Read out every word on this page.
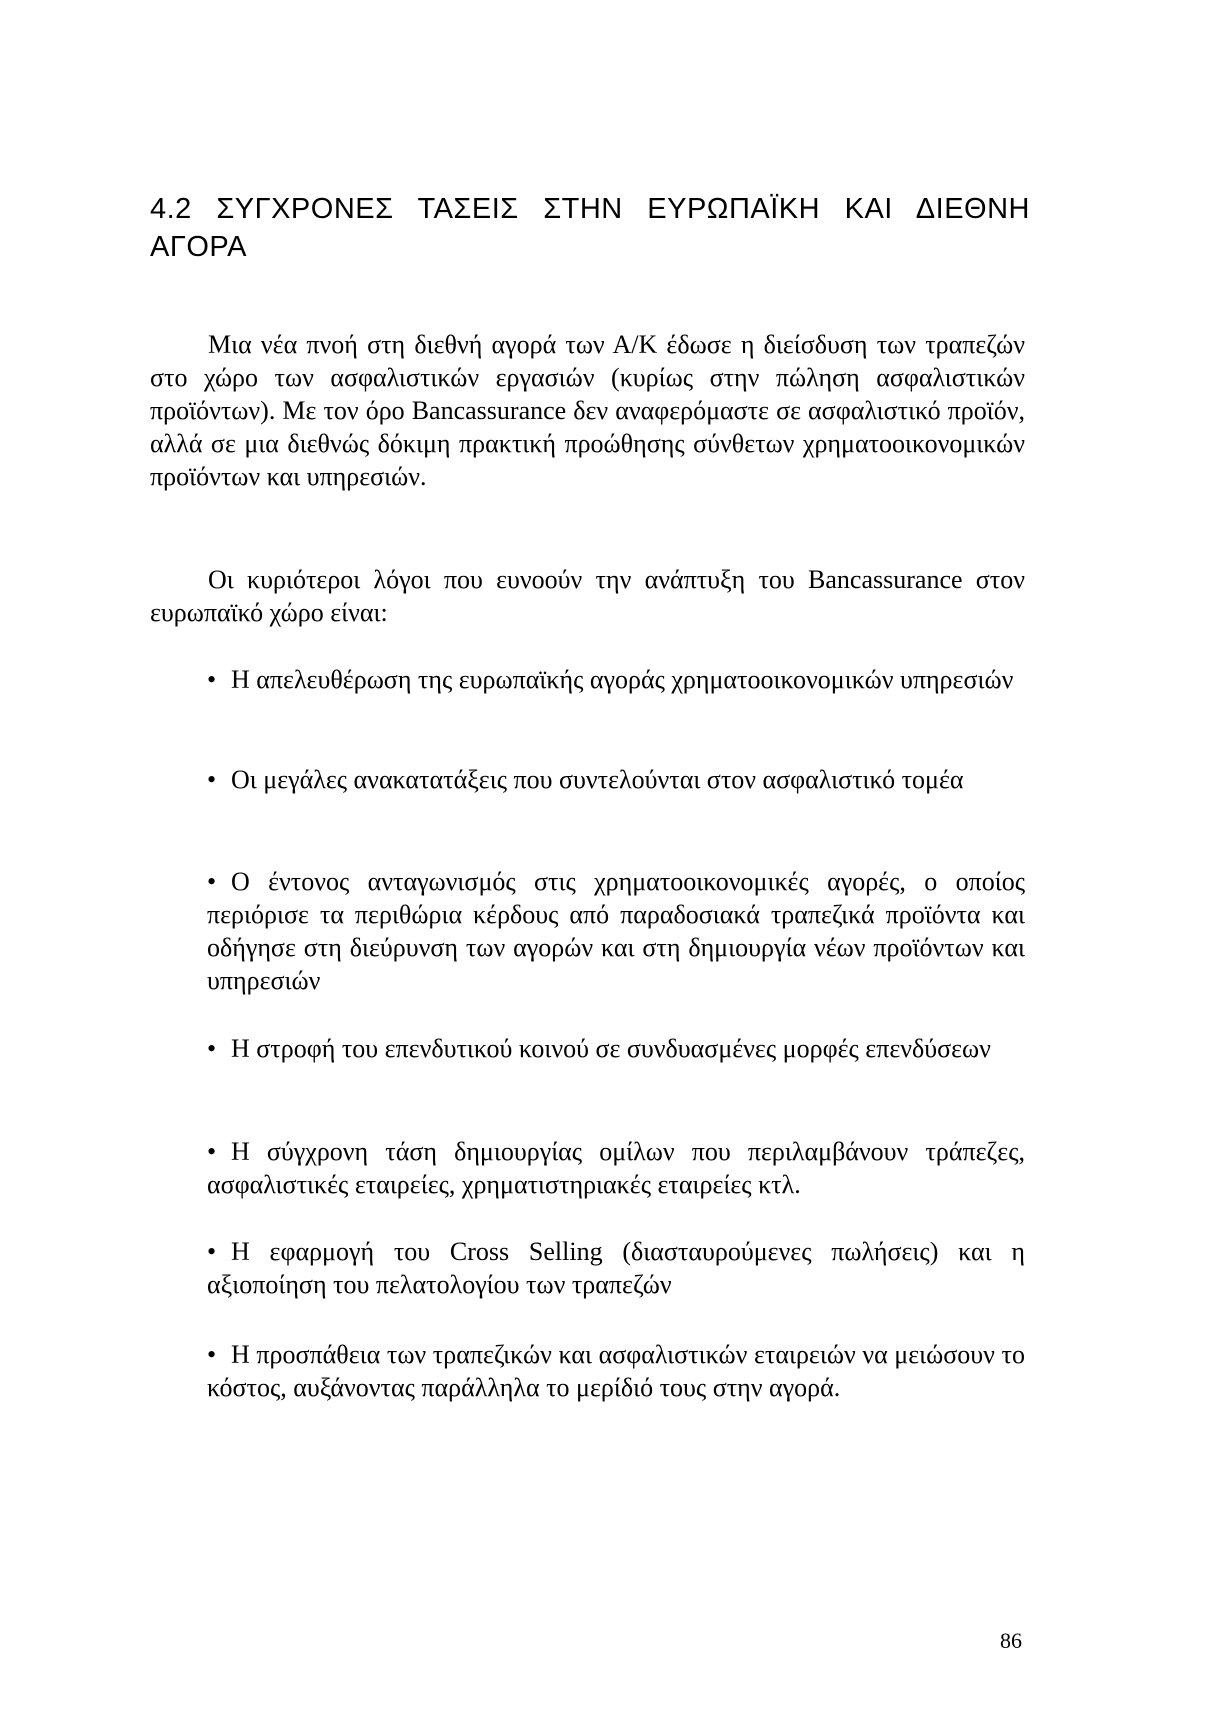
4.2 ΣΥΓΧΡΟΝΕΣ ΤΑΣΕΙΣ ΣΤΗΝ ΕΥΡΩΠΑΪΚΗ ΚΑΙ ΔΙΕΘΝΗ ΑΓΟΡΑ

Μια νέα πνοή στη διεθνή αγορά των Α/Κ έδωσε η διείσδυση των τραπεζών στο χώρο των ασφαλιστικών εργασιών (κυρίως στην πώληση ασφαλιστικών προϊόντων). Με τον όρο Bancassurance δεν αναφερόμαστε σε ασφαλιστικό προϊόν, αλλά σε μια διεθνώς δόκιμη πρακτική προώθησης σύνθετων χρηματοοικονομικών προϊόντων και υπηρεσιών.

Οι κυριότεροι λόγοι που ευνοούν την ανάπτυξη του Bancassurance στον ευρωπαϊκό χώρο είναι:

• Η απελευθέρωση της ευρωπαϊκής αγοράς χρηματοοικονομικών υπηρεσιών

• Οι μεγάλες ανακατατάξεις που συντελούνται στον ασφαλιστικό τομέα

• Ο έντονος ανταγωνισμός στις χρηματοοικονομικές αγορές, ο οποίος περιόρισε τα περιθώρια κέρδους από παραδοσιακά τραπεζικά προϊόντα και οδήγησε στη διεύρυνση των αγορών και στη δημιουργία νέων προϊόντων και υπηρεσιών

• Η στροφή του επενδυτικού κοινού σε συνδυασμένες μορφές επενδύσεων

• Η σύγχρονη τάση δημιουργίας ομίλων που περιλαμβάνουν τράπεζες, ασφαλιστικές εταιρείες, χρηματιστηριακές εταιρείες κτλ.

• Η εφαρμογή του Cross Selling (διασταυρούμενες πωλήσεις) και η αξιοποίηση του πελατολογίου των τραπεζών

• Η προσπάθεια των τραπεζικών και ασφαλιστικών εταιρειών να μειώσουν το κόστος, αυξάνοντας παράλληλα το μερίδιό τους στην αγορά.

86
